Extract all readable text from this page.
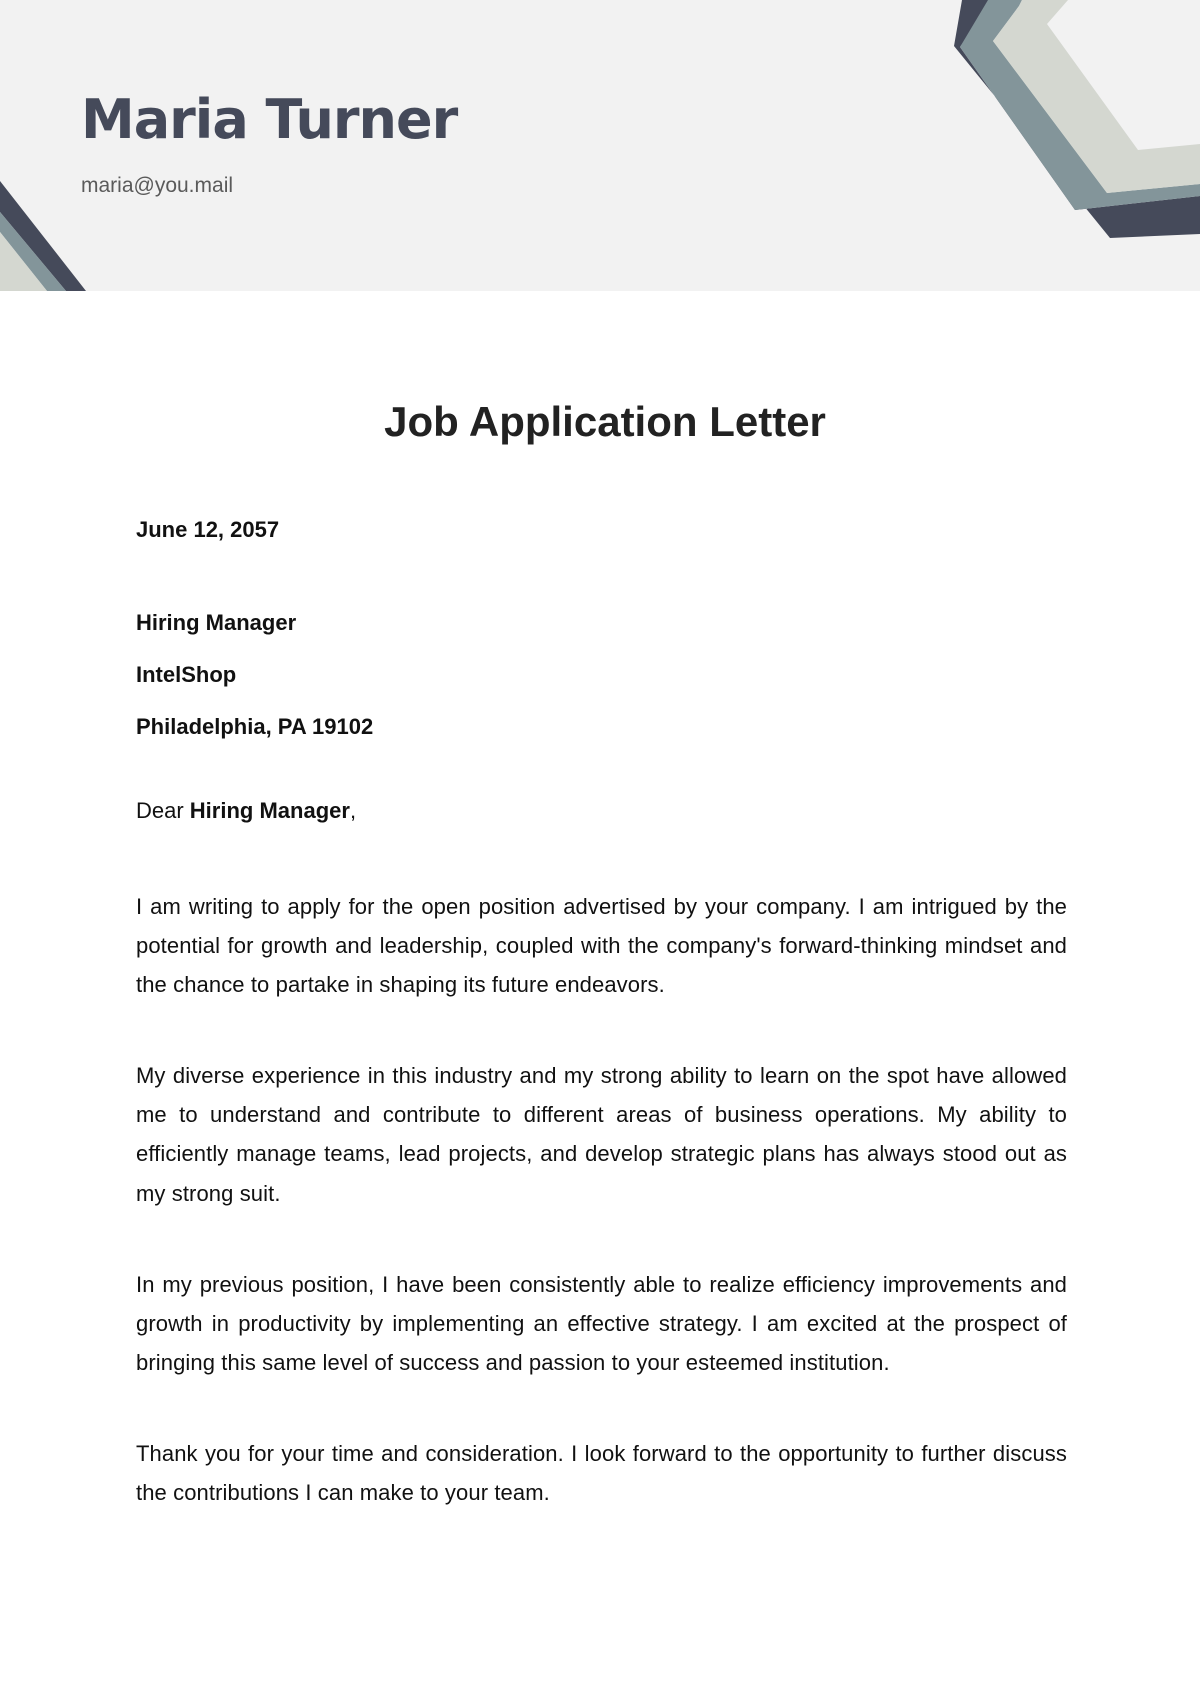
Maria Turner

maria@you.mail

Job Application Letter

June 12, 2057

Hiring Manager
IntelShop
Philadelphia, PA 19102

Dear Hiring Manager,

I am writing to apply for the open position advertised by your company. I am intrigued by the potential for growth and leadership, coupled with the company's forward-thinking mindset and the chance to partake in shaping its future endeavors.

My diverse experience in this industry and my strong ability to learn on the spot have allowed me to understand and contribute to different areas of business operations. My ability to efficiently manage teams, lead projects, and develop strategic plans has always stood out as my strong suit.

In my previous position, I have been consistently able to realize efficiency improvements and growth in productivity by implementing an effective strategy. I am excited at the prospect of bringing this same level of success and passion to your esteemed institution.

Thank you for your time and consideration. I look forward to the opportunity to further discuss the contributions I can make to your team.
